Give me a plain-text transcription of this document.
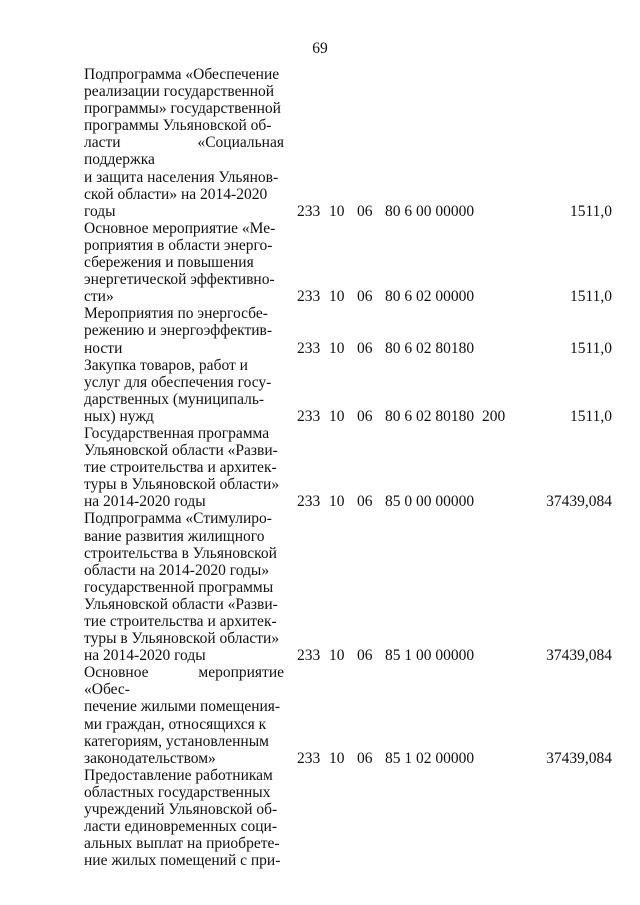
69
Подпрограмма «Обеспечение
реализации государственной
программы» государственной
программы Ульяновской об-
ласти «Социальная поддержка
и защита населения Ульянов-
ской области» на 2014-2020
годы	233 10 06 80 6 00 00000	1511,0
Основное мероприятие «Ме-
роприятия в области энерго-
сбережения и повышения
энергетической эффективно-
сти»	233 10 06 80 6 02 00000	1511,0
Мероприятия по энергосбе-
режению и энергоэффектив-
ности	233 10 06 80 6 02 80180	1511,0
Закупка товаров, работ и
услуг для обеспечения госу-
дарственных (муниципаль-
ных) нужд	233 10 06 80 6 02 80180 200	1511,0
Государственная программа
Ульяновской области «Разви-
тие строительства и архитек-
туры в Ульяновской области»
на 2014-2020 годы	233 10 06 85 0 00 00000	37439,084
Подпрограмма «Стимулиро-
вание развития жилищного
строительства в Ульяновской
области на 2014-2020 годы»
государственной программы
Ульяновской области «Разви-
тие строительства и архитек-
туры в Ульяновской области»
на 2014-2020 годы	233 10 06 85 1 00 00000	37439,084
Основное мероприятие «Обес-
печение жилыми помещения-
ми граждан, относящихся к
категориям, установленным
законодательством»	233 10 06 85 1 02 00000	37439,084
Предоставление работникам
областных государственных
учреждений Ульяновской об-
ласти единовременных соци-
альных выплат на приобрете-
ние жилых помещений с при-
